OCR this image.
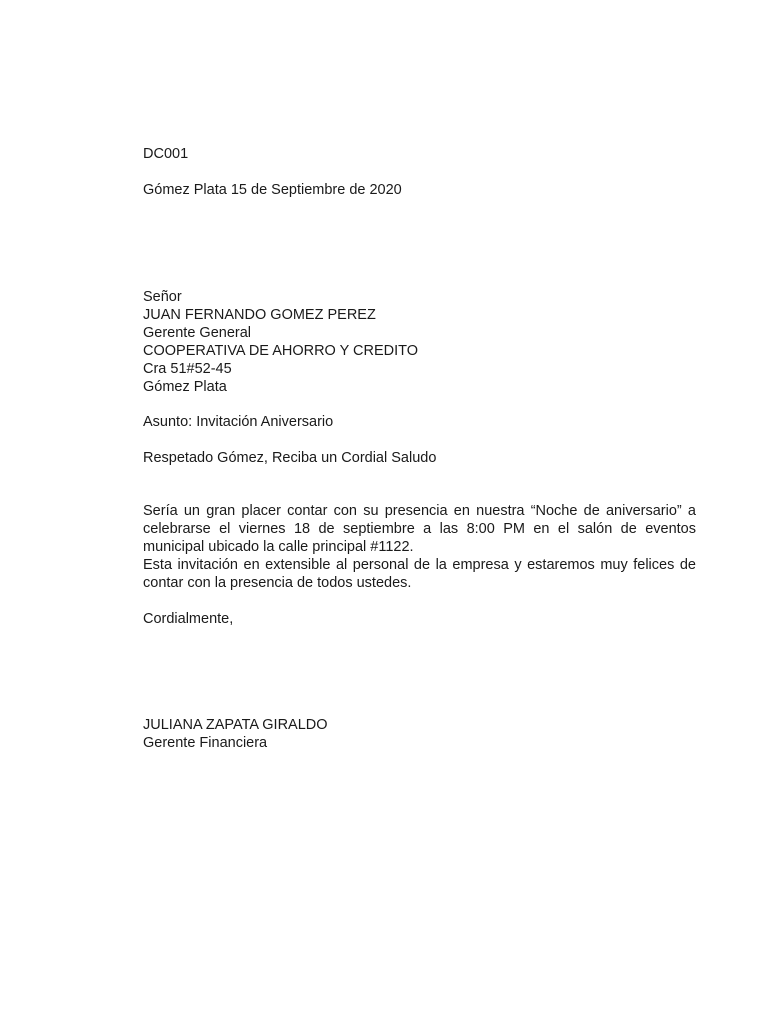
DC001
Gómez Plata 15 de Septiembre de 2020
Señor
JUAN FERNANDO GOMEZ PEREZ
Gerente General
COOPERATIVA DE AHORRO Y CREDITO
Cra 51#52-45
Gómez Plata
Asunto: Invitación Aniversario
Respetado Gómez, Reciba un Cordial Saludo
Sería un gran placer contar con su presencia en nuestra “Noche de aniversario” a
celebrarse el viernes 18 de septiembre a las 8:00 PM en el salón de eventos
municipal ubicado la calle principal #1122.
Esta invitación en extensible al personal de la empresa y estaremos muy felices de
contar con la presencia de todos ustedes.
Cordialmente,
JULIANA ZAPATA GIRALDO
Gerente Financiera
